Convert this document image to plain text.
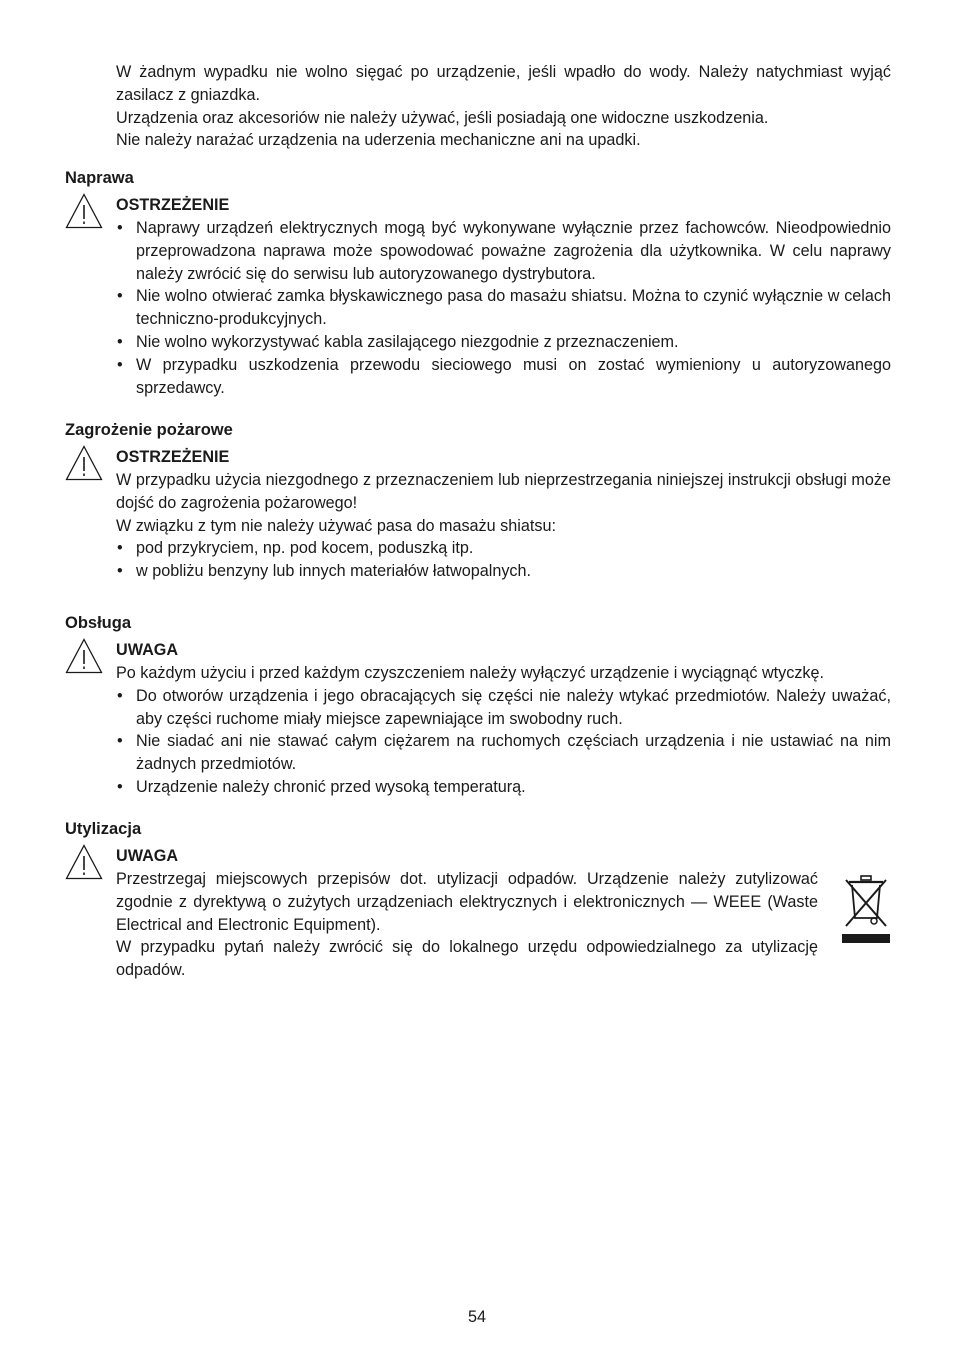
W żadnym wypadku nie wolno sięgać po urządzenie, jeśli wpadło do wody. Należy natychmiast wyjąć zasilacz z gniazdka.

Urządzenia oraz akcesoriów nie należy używać, jeśli posiadają one widoczne uszkodzenia.

Nie należy narażać urządzenia na uderzenia mechaniczne ani na upadki.

Naprawa
OSTRZEŻENIE
• Naprawy urządzeń elektrycznych mogą być wykonywane wyłącznie przez fachowców. Nieodpowiednio przeprowadzona naprawa może spowodować poważne zagrożenia dla użytkownika. W celu naprawy należy zwrócić się do serwisu lub autoryzowanego dystrybutora.
• Nie wolno otwierać zamka błyskawicznego pasa do masażu shiatsu. Można to czynić wyłącznie w celach techniczno-produkcyjnych.
• Nie wolno wykorzystywać kabla zasilającego niezgodnie z przeznaczeniem.
• W przypadku uszkodzenia przewodu sieciowego musi on zostać wymieniony u autoryzowanego sprzedawcy.
Zagrożenie pożarowe
OSTRZEŻENIE

W przypadku użycia niezgodnego z przeznaczeniem lub nieprzestrzegania niniejszej instrukcji obsługi może dojść do zagrożenia pożarowego!

W związku z tym nie należy używać pasa do masażu shiatsu:

• pod przykryciem, np. pod kocem, poduszką itp.
• w pobliżu benzyny lub innych materiałów łatwopalnych.
Obsługa
UWAGA

Po każdym użyciu i przed każdym czyszczeniem należy wyłączyć urządzenie i wyciągnąć wtyczkę.

• Do otworów urządzenia i jego obracających się części nie należy wtykać przedmiotów. Należy uważać, aby części ruchome miały miejsce zapewniające im swobodny ruch.
• Nie siadać ani nie stawać całym ciężarem na ruchomych częściach urządzenia i nie ustawiać na nim żadnych przedmiotów.
• Urządzenie należy chronić przed wysoką temperaturą.
Utylizacja
UWAGA

Przestrzegaj miejscowych przepisów dot. utylizacji odpadów. Urządzenie należy zutylizować zgodnie z dyrektywą o zużytych urządzeniach elektrycznych i elektronicznych — WEEE (Waste Electrical and Electronic Equipment).

W przypadku pytań należy zwrócić się do lokalnego urzędu odpowiedzialnego za utylizację odpadów.

54
